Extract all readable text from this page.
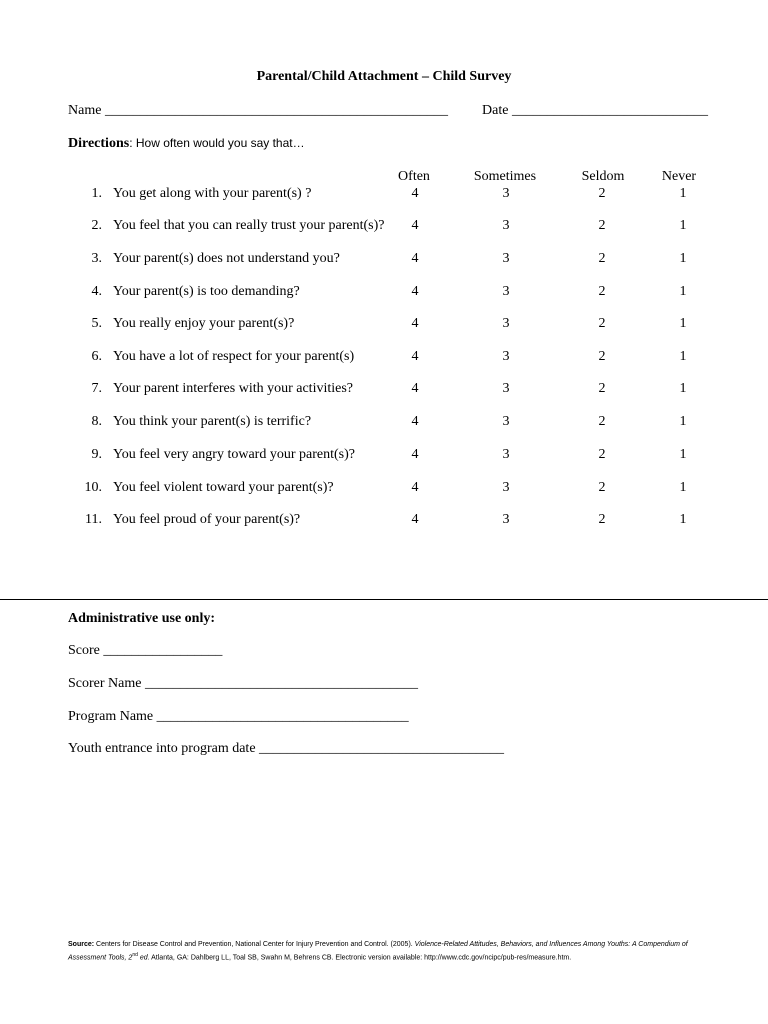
Parental/Child Attachment – Child Survey
Name _________________________________________________ Date ____________________________
Directions: How often would you say that…
Often	Sometimes	Seldom	Never
1. You get along with your parent(s) ?	4	3	2	1
2. You feel that you can really trust your parent(s)?	4	3	2	1
3. Your parent(s) does not understand you?	4	3	2	1
4. Your parent(s) is too demanding?	4	3	2	1
5. You really enjoy your parent(s)?	4	3	2	1
6. You have a lot of respect for your parent(s)	4	3	2	1
7. Your parent interferes with your activities?	4	3	2	1
8. You think your parent(s) is terrific?	4	3	2	1
9. You feel very angry toward your parent(s)?	4	3	2	1
10. You feel violent toward your parent(s)?	4	3	2	1
11. You feel proud of your parent(s)?	4	3	2	1
Administrative use only:
Score _________________
Scorer Name _______________________________________
Program Name ____________________________________
Youth entrance into program date ___________________________________
Source: Centers for Disease Control and Prevention, National Center for Injury Prevention and Control. (2005). Violence-Related Attitudes, Behaviors, and Influences Among Youths: A Compendium of Assessment Tools, 2nd ed. Atlanta, GA: Dahlberg LL, Toal SB, Swahn M, Behrens CB. Electronic version available: http://www.cdc.gov/ncipc/pub-res/measure.htm.
